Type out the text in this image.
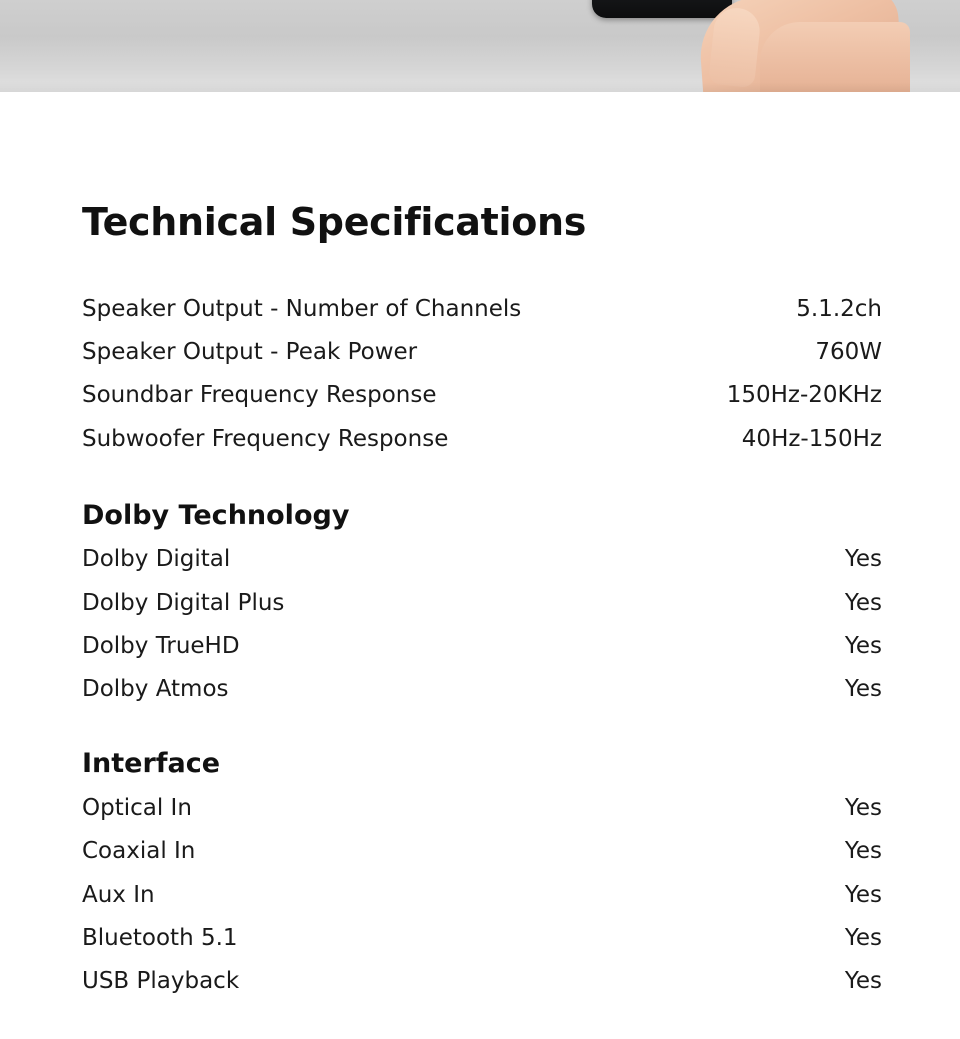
Technical Specifications
Speaker Output - Number of Channels	5.1.2ch
Speaker Output - Peak Power	760W
Soundbar Frequency Response	150Hz-20KHz
Subwoofer Frequency Response	40Hz-150Hz
Dolby Technology
Dolby Digital	Yes
Dolby Digital Plus	Yes
Dolby TrueHD	Yes
Dolby Atmos	Yes
Interface
Optical In	Yes
Coaxial In	Yes
Aux In	Yes
Bluetooth 5.1	Yes
USB Playback	Yes
